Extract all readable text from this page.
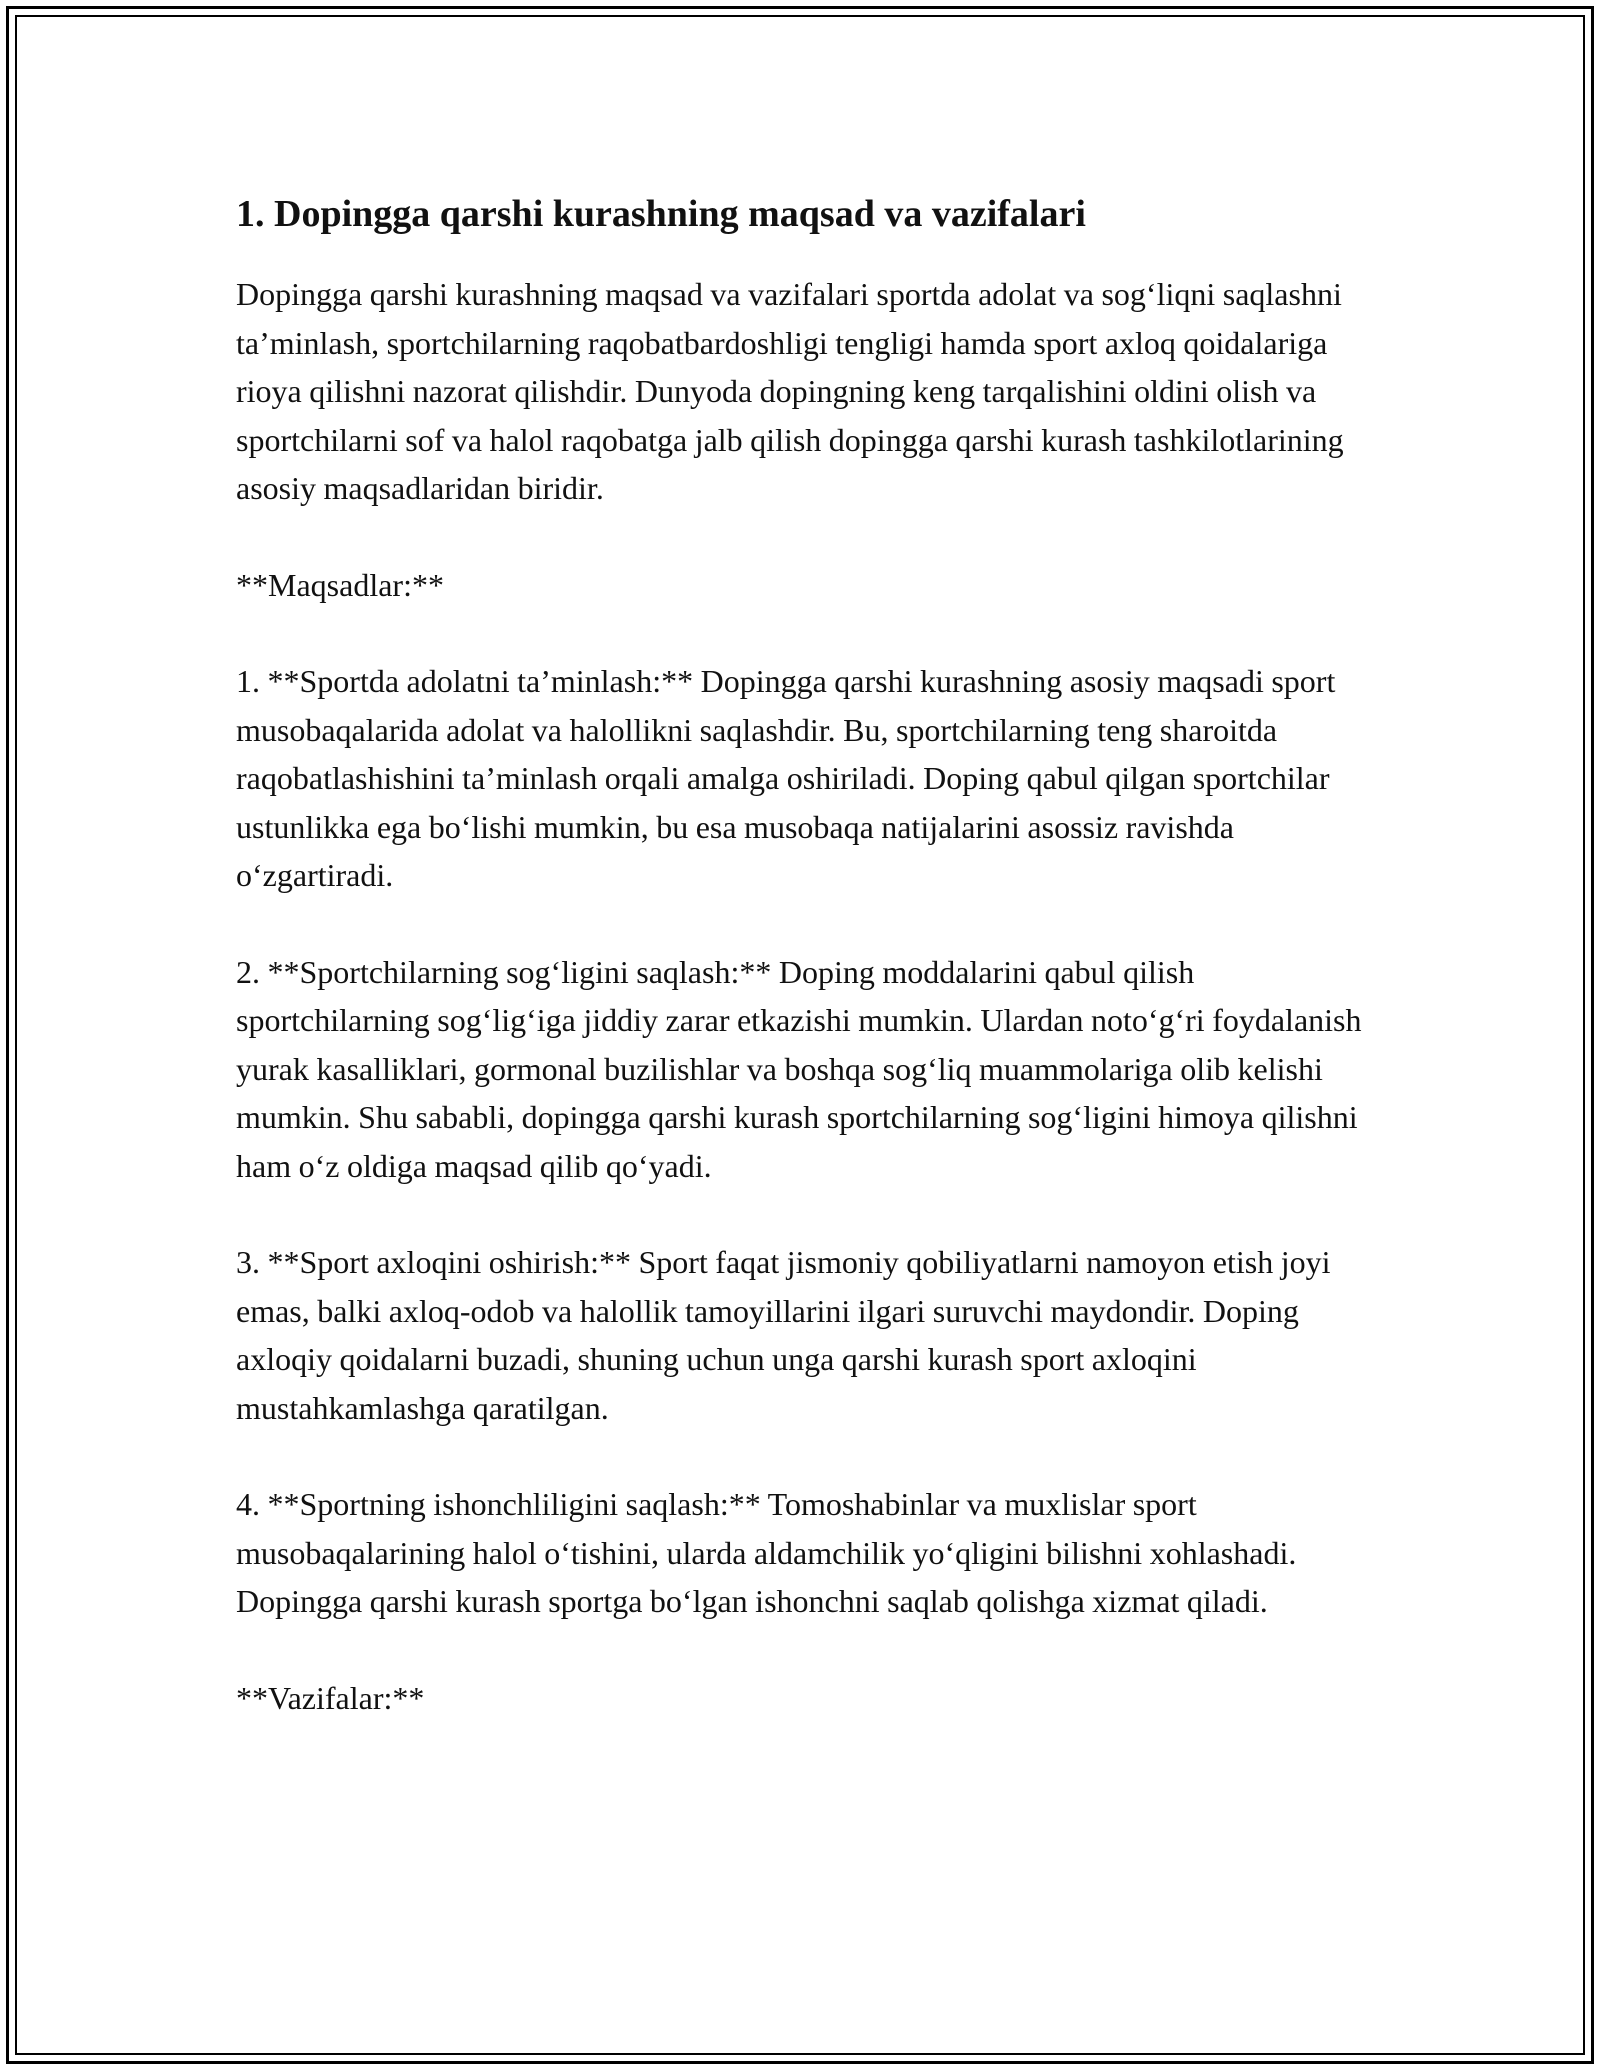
1. Dopingga qarshi kurashning maqsad va vazifalari

Dopingga qarshi kurashning maqsad va vazifalari sportda adolat va sog‘liqni saqlashni ta’minlash, sportchilarning raqobatbardoshligi tengligi hamda sport axloq qoidalariga rioya qilishni nazorat qilishdir. Dunyoda dopingning keng tarqalishini oldini olish va sportchilarni sof va halol raqobatga jalb qilish dopingga qarshi kurash tashkilotlarining asosiy maqsadlaridan biridir.

**Maqsadlar:**

1. **Sportda adolatni ta’minlash:** Dopingga qarshi kurashning asosiy maqsadi sport musobaqalarida adolat va halollikni saqlashdir. Bu, sportchilarning teng sharoitda raqobatlashishini ta’minlash orqali amalga oshiriladi. Doping qabul qilgan sportchilar ustunlikka ega bo‘lishi mumkin, bu esa musobaqa natijalarini asossiz ravishda o‘zgartiradi.

2. **Sportchilarning sog‘ligini saqlash:** Doping moddalarini qabul qilish sportchilarning sog‘lig‘iga jiddiy zarar etkazishi mumkin. Ulardan noto‘g‘ri foydalanish yurak kasalliklari, gormonal buzilishlar va boshqa sog‘liq muammolariga olib kelishi mumkin. Shu sababli, dopingga qarshi kurash sportchilarning sog‘ligini himoya qilishni ham o‘z oldiga maqsad qilib qo‘yadi.

3. **Sport axloqini oshirish:** Sport faqat jismoniy qobiliyatlarni namoyon etish joyi emas, balki axloq-odob va halollik tamoyillarini ilgari suruvchi maydondir. Doping axloqiy qoidalarni buzadi, shuning uchun unga qarshi kurash sport axloqini mustahkamlashga qaratilgan.

4. **Sportning ishonchliligini saqlash:** Tomoshabinlar va muxlislar sport musobaqalarining halol o‘tishini, ularda aldamchilik yo‘qligini bilishni xohlashadi. Dopingga qarshi kurash sportga bo‘lgan ishonchni saqlab qolishga xizmat qiladi.

**Vazifalar:**
